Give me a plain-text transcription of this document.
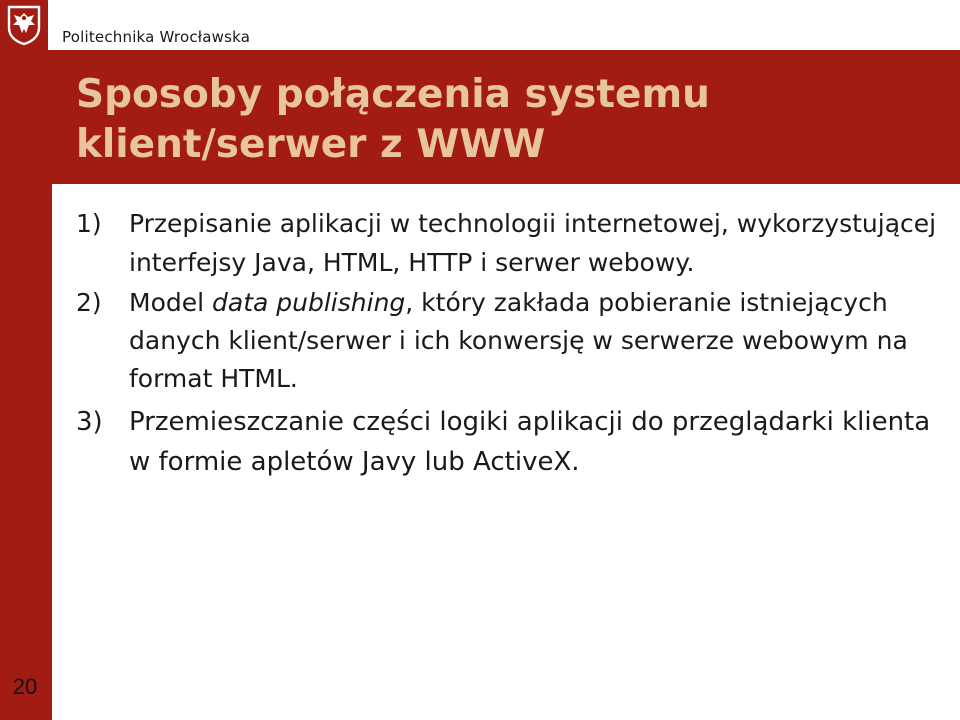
Politechnika Wrocławska
Sposoby połączenia systemu
klient/serwer z WWW
1)	Przepisanie aplikacji w technologii internetowej, wykorzystującej interfejsy Java, HTML, HTTP i serwer webowy.
2)	Model data publishing, który zakłada pobieranie istniejących danych klient/serwer i ich konwersję w serwerze webowym na format HTML.
3)	Przemieszczanie części logiki aplikacji do przeglądarki klienta w formie apletów Javy lub ActiveX.
20
